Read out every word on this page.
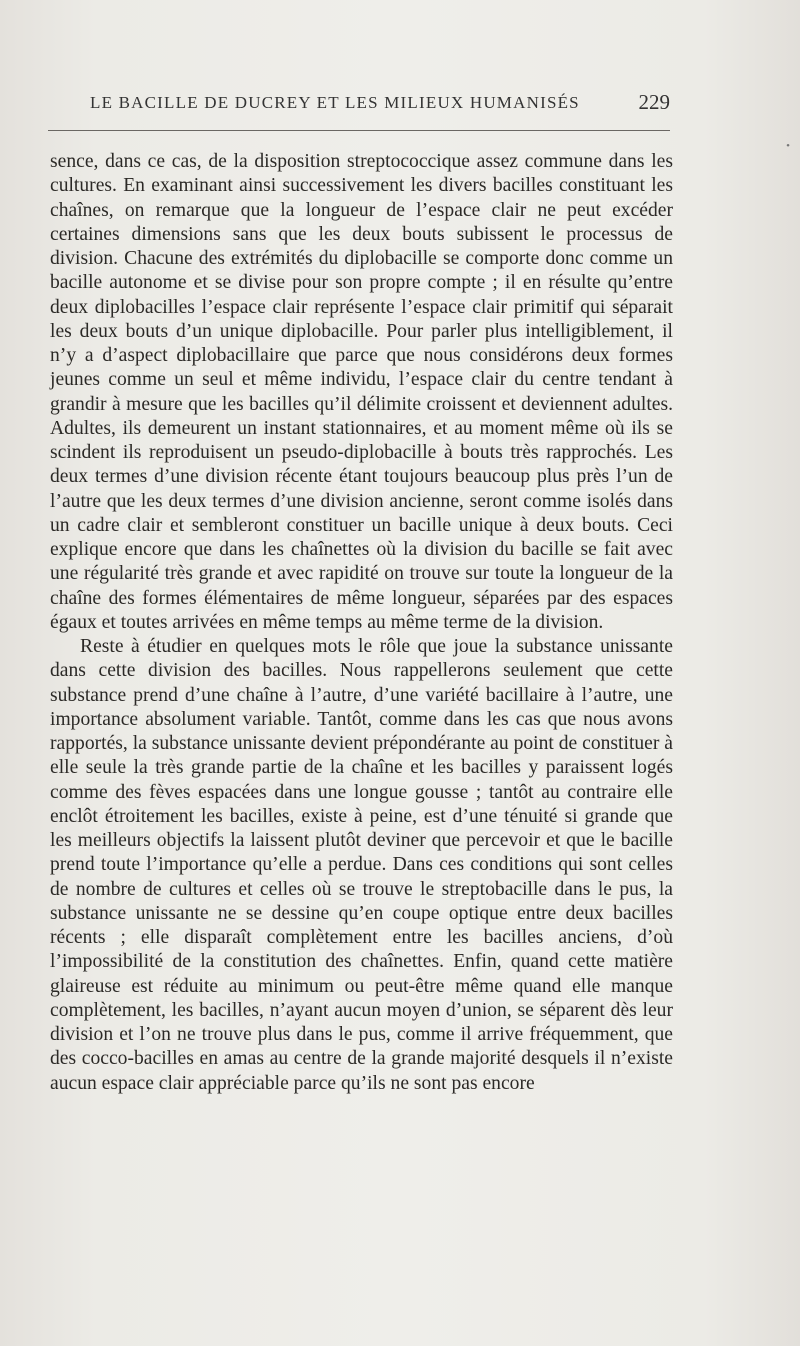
LE BACILLE DE DUCREY ET LES MILIEUX HUMANISÉS	229
•

sence, dans ce cas, de la disposition streptococcique assez commune dans les cultures. En examinant ainsi successivement les divers bacilles constituant les chaînes, on remarque que la longueur de l’espace clair ne peut excéder certaines dimensions sans que les deux bouts subissent le processus de division. Chacune des extrémités du diplobacille se comporte donc comme un bacille autonome et se divise pour son propre compte ; il en résulte qu’entre deux diplobacilles l’espace clair représente l’espace clair primitif qui séparait les deux bouts d’un unique diplobacille. Pour parler plus intelligiblement, il n’y a d’aspect diplobacillaire que parce que nous considérons deux formes jeunes comme un seul et même individu, l’espace clair du centre tendant à grandir à mesure que les bacilles qu’il délimite croissent et deviennent adultes. Adultes, ils demeurent un instant stationnaires, et au moment même où ils se scindent ils reproduisent un pseudo-diplobacille à bouts très rapprochés. Les deux termes d’une division récente étant toujours beaucoup plus près l’un de l’autre que les deux termes d’une division ancienne, seront comme isolés dans un cadre clair et sembleront constituer un bacille unique à deux bouts. Ceci explique encore que dans les chaînettes où la division du bacille se fait avec une régularité très grande et avec rapidité on trouve sur toute la longueur de la chaîne des formes élémentaires de même longueur, séparées par des espaces égaux et toutes arrivées en même temps au même terme de la division.

Reste à étudier en quelques mots le rôle que joue la substance unissante dans cette division des bacilles. Nous rappellerons seulement que cette substance prend d’une chaîne à l’autre, d’une variété bacillaire à l’autre, une importance absolument variable. Tantôt, comme dans les cas que nous avons rapportés, la substance unissante devient prépondérante au point de constituer à elle seule la très grande partie de la chaîne et les bacilles y paraissent logés comme des fèves espacées dans une longue gousse ; tantôt au contraire elle enclôt étroitement les bacilles, existe à peine, est d’une ténuité si grande que les meilleurs objectifs la laissent plutôt deviner que percevoir et que le bacille prend toute l’importance qu’elle a perdue. Dans ces conditions qui sont celles de nombre de cultures et celles où se trouve le streptobacille dans le pus, la substance unissante ne se dessine qu’en coupe optique entre deux bacilles récents ; elle disparaît complètement entre les bacilles anciens, d’où l’impossibilité de la constitution des chaînettes. Enfin, quand cette matière glaireuse est réduite au minimum ou peut-être même quand elle manque complètement, les bacilles, n’ayant aucun moyen d’union, se séparent dès leur division et l’on ne trouve plus dans le pus, comme il arrive fréquemment, que des cocco-bacilles en amas au centre de la grande majorité desquels il n’existe aucun espace clair appréciable parce qu’ils ne sont pas encore
